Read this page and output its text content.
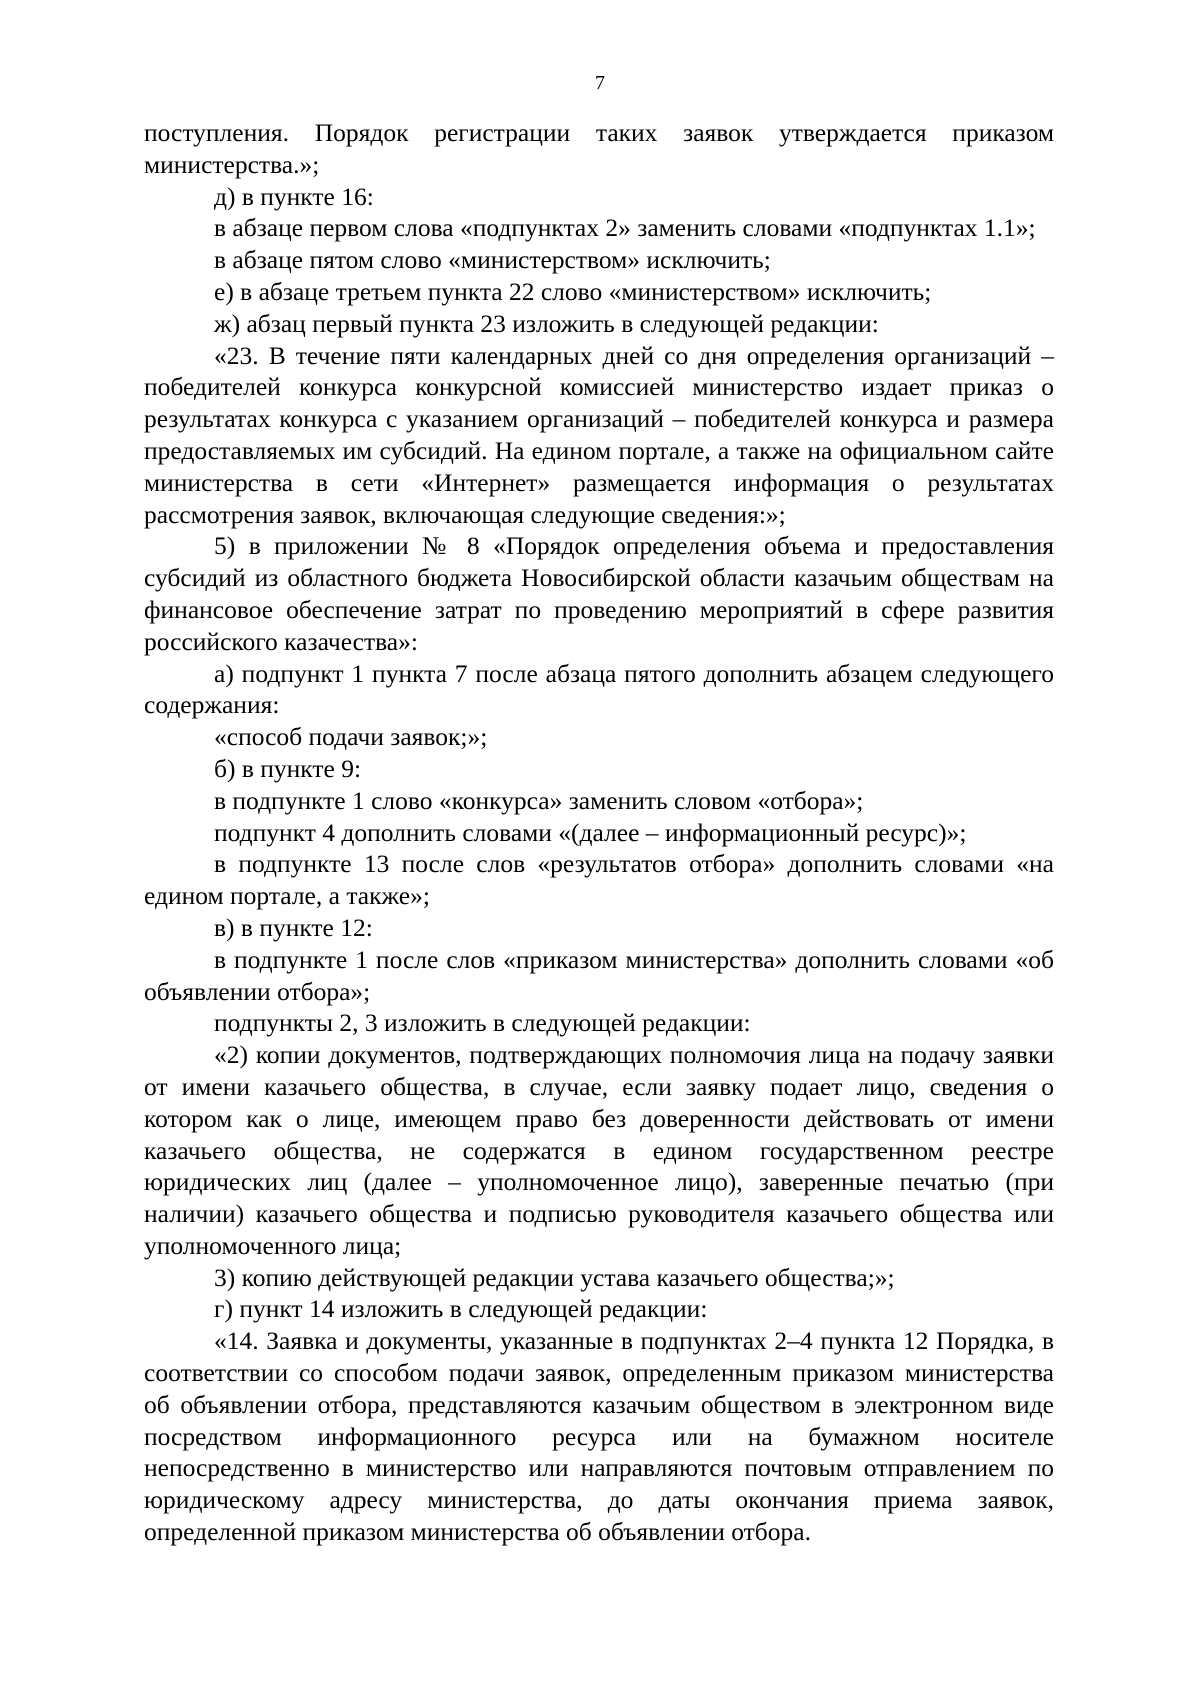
7

поступления. Порядок регистрации таких заявок утверждается приказом министерства.»;

д) в пункте 16:

в абзаце первом слова «подпунктах 2» заменить словами «подпунктах 1.1»;

в абзаце пятом слово «министерством» исключить;

е) в абзаце третьем пункта 22 слово «министерством» исключить;

ж) абзац первый пункта 23 изложить в следующей редакции:

«23. В течение пяти календарных дней со дня определения организаций – победителей конкурса конкурсной комиссией министерство издает приказ о результатах конкурса с указанием организаций – победителей конкурса и размера предоставляемых им субсидий. На едином портале, а также на официальном сайте министерства в сети «Интернет» размещается информация о результатах рассмотрения заявок, включающая следующие сведения:»;

5) в приложении № 8 «Порядок определения объема и предоставления субсидий из областного бюджета Новосибирской области казачьим обществам на финансовое обеспечение затрат по проведению мероприятий в сфере развития российского казачества»:

а) подпункт 1 пункта 7 после абзаца пятого дополнить абзацем следующего содержания:

«способ подачи заявок;»;

б) в пункте 9:

в подпункте 1 слово «конкурса» заменить словом «отбора»;

подпункт 4 дополнить словами «(далее – информационный ресурс)»;

в подпункте 13 после слов «результатов отбора» дополнить словами «на едином портале, а также»;

в) в пункте 12:

в подпункте 1 после слов «приказом министерства» дополнить словами «об объявлении отбора»;

подпункты 2, 3 изложить в следующей редакции:

«2) копии документов, подтверждающих полномочия лица на подачу заявки от имени казачьего общества, в случае, если заявку подает лицо, сведения о котором как о лице, имеющем право без доверенности действовать от имени казачьего общества, не содержатся в едином государственном реестре юридических лиц (далее – уполномоченное лицо), заверенные печатью (при наличии) казачьего общества и подписью руководителя казачьего общества или уполномоченного лица;

3) копию действующей редакции устава казачьего общества;»;

г) пункт 14 изложить в следующей редакции:

«14. Заявка и документы, указанные в подпунктах 2–4 пункта 12 Порядка, в соответствии со способом подачи заявок, определенным приказом министерства об объявлении отбора, представляются казачьим обществом в электронном виде посредством информационного ресурса или на бумажном носителе непосредственно в министерство или направляются почтовым отправлением по юридическому адресу министерства, до даты окончания приема заявок, определенной приказом министерства об объявлении отбора.
